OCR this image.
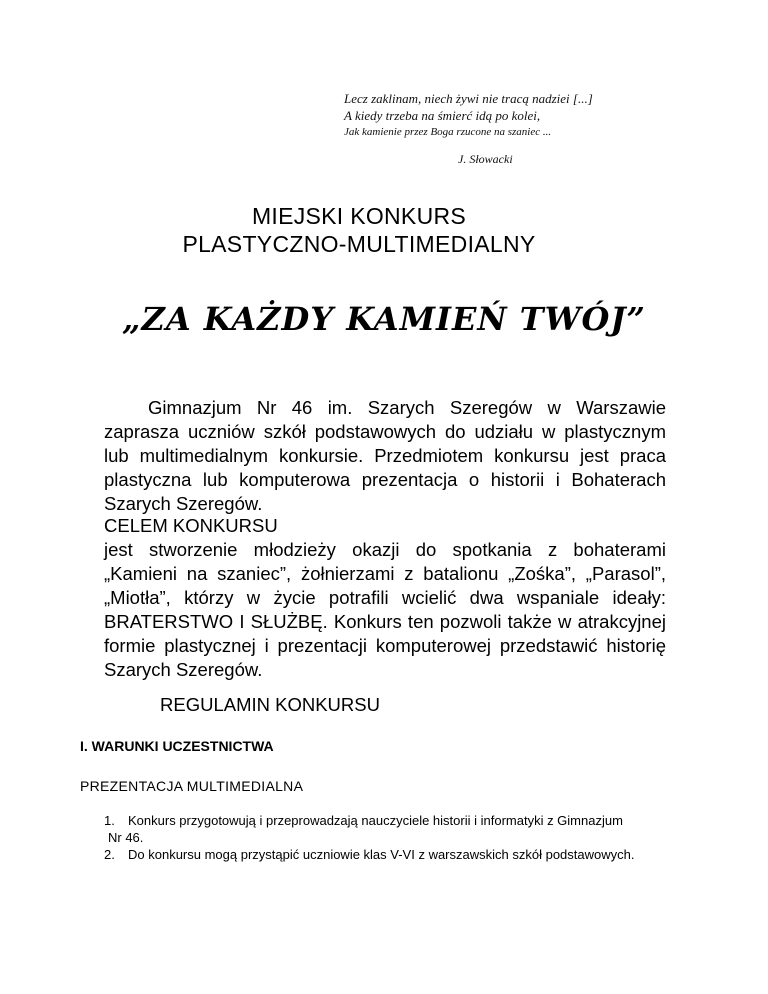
Lecz zaklinam, niech żywi nie tracą nadziei [...]
A kiedy trzeba na śmierć idą po kolei,
Jak kamienie przez Boga rzucone na szaniec ...
J. Słowacki
MIEJSKI KONKURS
PLASTYCZNO-MULTIMEDIALNY
„ZA KAŻDY KAMIEŃ TWÓJ”
Gimnazjum Nr 46 im. Szarych Szeregów w Warszawie zaprasza uczniów szkół podstawowych do udziału w plastycznym lub multimedialnym konkursie. Przedmiotem konkursu jest praca plastyczna lub komputerowa prezentacja o historii i Bohaterach Szarych Szeregów.
CELEM KONKURSU
jest stworzenie młodzieży okazji do spotkania z bohaterami „Kamieni na szaniec”, żołnierzami z batalionu „Zośka”, „Parasol”, „Miotła”, którzy w życie potrafili wcielić dwa wspaniale ideały: BRATERSTWO I SŁUŻBĘ. Konkurs ten pozwoli także w atrakcyjnej formie plastycznej i prezentacji komputerowej przedstawić historię Szarych Szeregów.
REGULAMIN KONKURSU
I. WARUNKI UCZESTNICTWA
PREZENTACJA MULTIMEDIALNA
1.	Konkurs przygotowują i przeprowadzają nauczyciele historii i informatyki z Gimnazjum
Nr 46.
2.	Do konkursu mogą przystąpić uczniowie klas V-VI z warszawskich szkół podstawowych.
